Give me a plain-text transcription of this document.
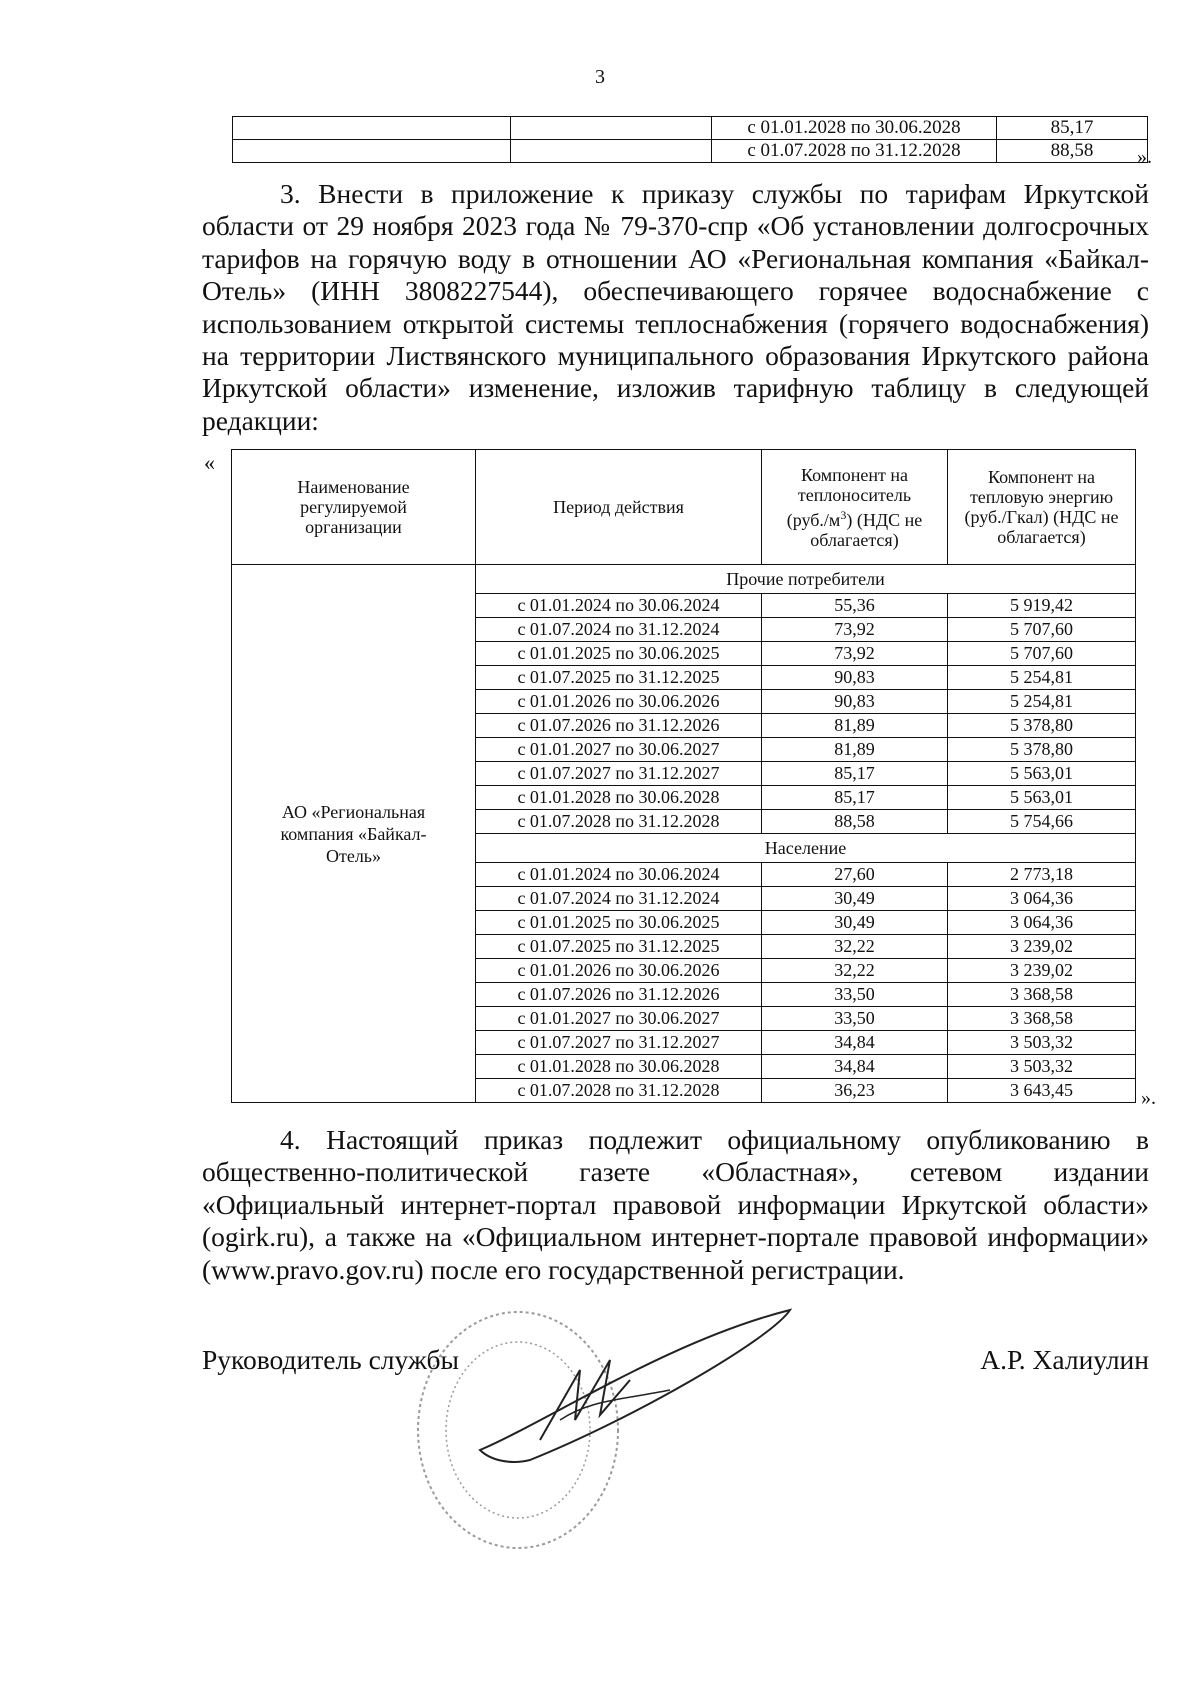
3
		с 01.01.2028 по 30.06.2028	85,17
		с 01.07.2028 по 31.12.2028	88,58 ».

3. Внести в приложение к приказу службы по тарифам Иркутской области от 29 ноября 2023 года № 79-370-спр «Об установлении долгосрочных тарифов на горячую воду в отношении АО «Региональная компания «Байкал-Отель» (ИНН 3808227544), обеспечивающего горячее водоснабжение с использованием открытой системы теплоснабжения (горячего водоснабжения) на территории Листвянского муниципального образования Иркутского района Иркутской области» изменение, изложив тарифную таблицу в следующей редакции:

«
Наименование регулируемой организации	Период действия	Компонент на теплоноситель $(руб./м^3)$ (НДС не облагается)	Компонент на тепловую энергию (руб./Гкал) (НДС не облагается)
АО «Региональная компания «Байкал-Отель»	Прочие потребители		
	с 01.01.2024 по 30.06.2024	55,36	5 919,42
	с 01.07.2024 по 31.12.2024	73,92	5 707,60
	с 01.01.2025 по 30.06.2025	73,92	5 707,60
	с 01.07.2025 по 31.12.2025	90,83	5 254,81
	с 01.01.2026 по 30.06.2026	90,83	5 254,81
	с 01.07.2026 по 31.12.2026	81,89	5 378,80
	с 01.01.2027 по 30.06.2027	81,89	5 378,80
	с 01.07.2027 по 31.12.2027	85,17	5 563,01
	с 01.01.2028 по 30.06.2028	85,17	5 563,01
	с 01.07.2028 по 31.12.2028	88,58	5 754,66
	Население		
	с 01.01.2024 по 30.06.2024	27,60	2 773,18
	с 01.07.2024 по 31.12.2024	30,49	3 064,36
	с 01.01.2025 по 30.06.2025	30,49	3 064,36
	с 01.07.2025 по 31.12.2025	32,22	3 239,02
	с 01.01.2026 по 30.06.2026	32,22	3 239,02
	с 01.07.2026 по 31.12.2026	33,50	3 368,58
	с 01.01.2027 по 30.06.2027	33,50	3 368,58
	с 01.07.2027 по 31.12.2027	34,84	3 503,32
	с 01.01.2028 по 30.06.2028	34,84	3 503,32
	с 01.07.2028 по 31.12.2028	36,23	3 643,45	».

4. Настоящий приказ подлежит официальному опубликованию в общественно-политической газете «Областная», сетевом издании «Официальный интернет-портал правовой информации Иркутской области» (ogirk.ru), а также на «Официальном интернет-портале правовой информации» (www.pravo.gov.ru) после его государственной регистрации.

Руководитель службы	А.Р. Халиулин
